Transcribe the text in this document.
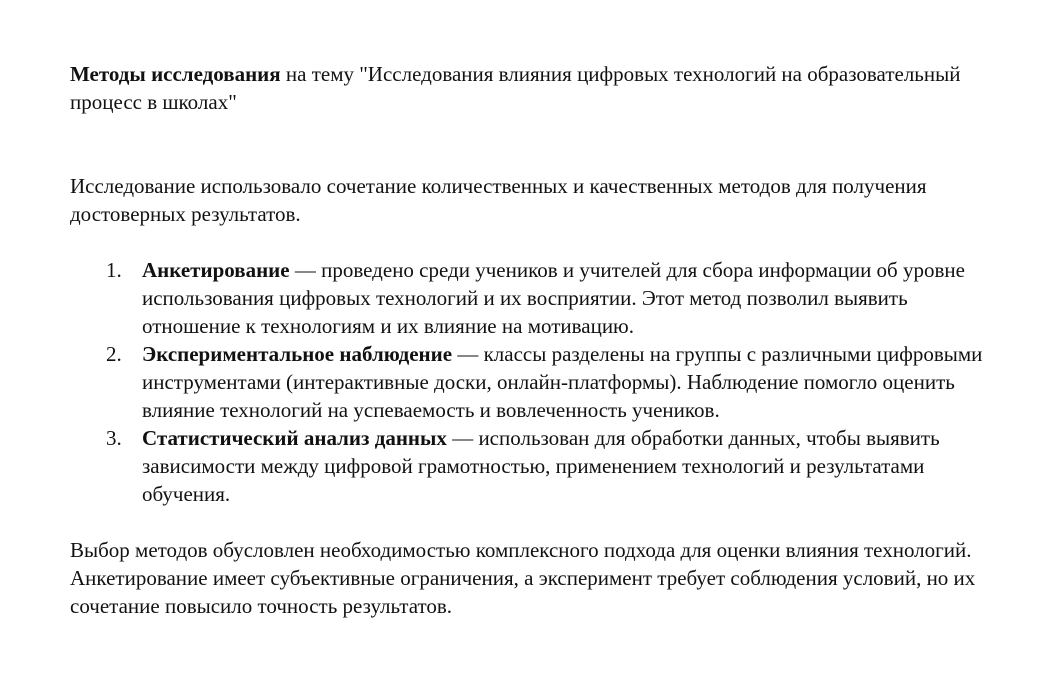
Методы исследования на тему "Исследования влияния цифровых технологий на образовательный процесс в школах"

Исследование использовало сочетание количественных и качественных методов для получения достоверных результатов.

1. Анкетирование — проведено среди учеников и учителей для сбора информации об уровне использования цифровых технологий и их восприятии. Этот метод позволил выявить отношение к технологиям и их влияние на мотивацию.
2. Экспериментальное наблюдение — классы разделены на группы с различными цифровыми инструментами (интерактивные доски, онлайн-платформы). Наблюдение помогло оценить влияние технологий на успеваемость и вовлеченность учеников.
3. Статистический анализ данных — использован для обработки данных, чтобы выявить зависимости между цифровой грамотностью, применением технологий и результатами обучения.

Выбор методов обусловлен необходимостью комплексного подхода для оценки влияния технологий. Анкетирование имеет субъективные ограничения, а эксперимент требует соблюдения условий, но их сочетание повысило точность результатов.
